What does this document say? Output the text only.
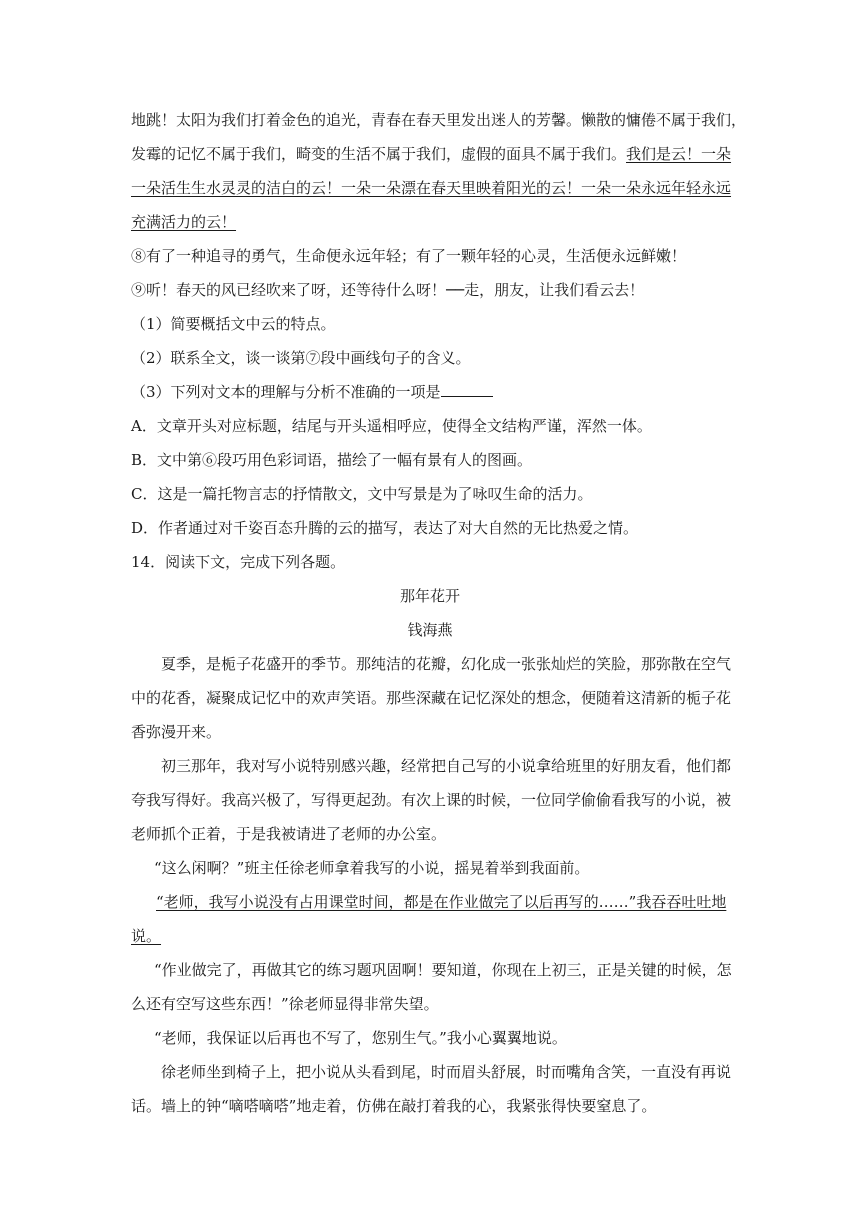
地跳！太阳为我们打着金色的追光，青春在春天里发出迷人的芳馨。懒散的慵倦不属于我们，
发霉的记忆不属于我们，畸变的生活不属于我们，虚假的面具不属于我们。我们是云！一朵
一朵活生生水灵灵的洁白的云！一朵一朵漂在春天里映着阳光的云！一朵一朵永远年轻永远
充满活力的云！
⑧有了一种追寻的勇气，生命便永远年轻；有了一颗年轻的心灵，生活便永远鲜嫩！
⑨听！春天的风已经吹来了呀，还等待什么呀！──走，朋友，让我们看云去！
（1）简要概括文中云的特点。
（2）联系全文，谈一谈第⑦段中画线句子的含义。
（3）下列对文本的理解与分析不准确的一项是
A．文章开头对应标题，结尾与开头遥相呼应，使得全文结构严谨，浑然一体。
B．文中第⑥段巧用色彩词语，描绘了一幅有景有人的图画。
C．这是一篇托物言志的抒情散文，文中写景是为了咏叹生命的活力。
D．作者通过对千姿百态升腾的云的描写，表达了对大自然的无比热爱之情。
14．阅读下文，完成下列各题。
那年花开
钱海燕
夏季，是栀子花盛开的季节。那纯洁的花瓣，幻化成一张张灿烂的笑脸，那弥散在空气
中的花香，凝聚成记忆中的欢声笑语。那些深藏在记忆深处的想念，便随着这清新的栀子花
香弥漫开来。
初三那年，我对写小说特别感兴趣，经常把自己写的小说拿给班里的好朋友看，他们都
夸我写得好。我高兴极了，写得更起劲。有次上课的时候，一位同学偷偷看我写的小说，被
老师抓个正着，于是我被请进了老师的办公室。
“这么闲啊？”班主任徐老师拿着我写的小说，摇晃着举到我面前。
“老师，我写小说没有占用课堂时间，都是在作业做完了以后再写的……”我吞吞吐吐地
说。
“作业做完了，再做其它的练习题巩固啊！要知道，你现在上初三，正是关键的时候，怎
么还有空写这些东西！”徐老师显得非常失望。
“老师，我保证以后再也不写了，您别生气。”我小心翼翼地说。
徐老师坐到椅子上，把小说从头看到尾，时而眉头舒展，时而嘴角含笑，一直没有再说
话。墙上的钟“嘀嗒嘀嗒”地走着，仿佛在敲打着我的心，我紧张得快要窒息了。
